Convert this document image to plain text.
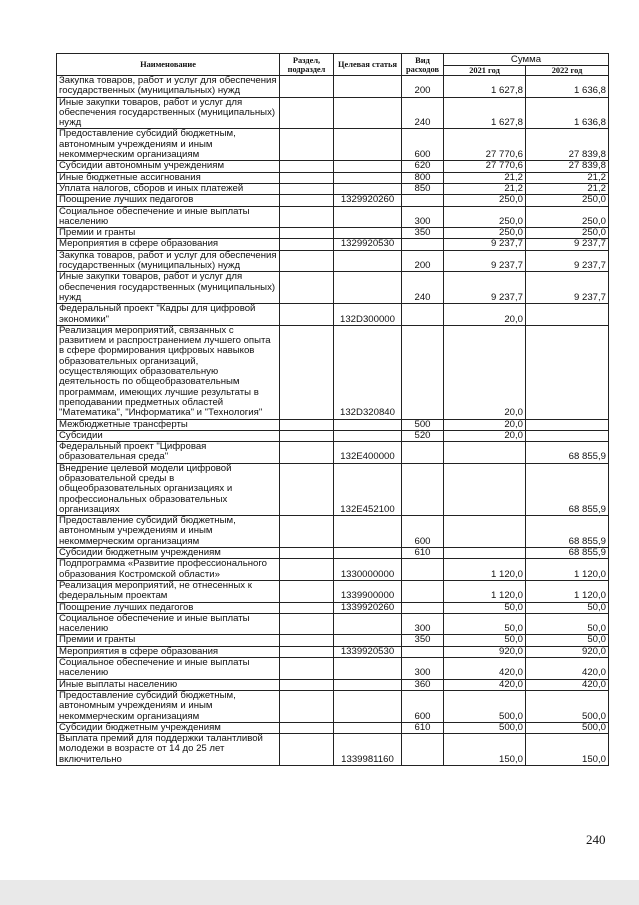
Наименование	Раздел, подраздел	Целевая статья	Вид расходов	Сумма	
				2021 год	2022 год
Закупка товаров, работ и услуг для обеспечения государственных (муниципальных) нужд			200	1 627,8	1 636,8
Иные закупки товаров, работ и услуг для обеспечения государственных (муниципальных) нужд			240	1 627,8	1 636,8
Предоставление субсидий бюджетным, автономным учреждениям и иным некоммерческим организациям			600	27 770,6	27 839,8
Субсидии автономным учреждениям			620	27 770,6	27 839,8
Иные бюджетные ассигнования			800	21,2	21,2
Уплата налогов, сборов и иных платежей			850	21,2	21,2
Поощрение лучших педагогов		1329920260		250,0	250,0
Социальное обеспечение и иные выплаты населению			300	250,0	250,0
Премии и гранты			350	250,0	250,0
Мероприятия в сфере образования		1329920530		9 237,7	9 237,7
Закупка товаров, работ и услуг для обеспечения государственных (муниципальных) нужд			200	9 237,7	9 237,7
Иные закупки товаров, работ и услуг для обеспечения государственных (муниципальных) нужд			240	9 237,7	9 237,7
Федеральный проект "Кадры для цифровой экономики"		132D300000		20,0	
Реализация мероприятий, связанных с развитием и распространением лучшего опыта в сфере формирования цифровых навыков образовательных организаций, осуществляющих образовательную деятельность по общеобразовательным программам, имеющих лучшие результаты в преподавании предметных областей "Математика", "Информатика" и "Технология"		132D320840		20,0	
Межбюджетные трансферты			500	20,0	
Субсидии			520	20,0	
Федеральный проект "Цифровая образовательная среда"		132E400000			68 855,9
Внедрение целевой модели цифровой образовательной среды в общеобразовательных организациях и профессиональных образовательных организациях		132E452100			68 855,9
Предоставление субсидий бюджетным, автономным учреждениям и иным некоммерческим организациям			600		68 855,9
Субсидии бюджетным учреждениям			610		68 855,9
Подпрограмма «Развитие профессионального образования Костромской области»		1330000000		1 120,0	1 120,0
Реализация мероприятий, не отнесенных к федеральным проектам		1339900000		1 120,0	1 120,0
Поощрение лучших педагогов		1339920260		50,0	50,0
Социальное обеспечение и иные выплаты населению			300	50,0	50,0
Премии и гранты			350	50,0	50,0
Мероприятия в сфере образования		1339920530		920,0	920,0
Социальное обеспечение и иные выплаты населению			300	420,0	420,0
Иные выплаты населению			360	420,0	420,0
Предоставление субсидий бюджетным, автономным учреждениям и иным некоммерческим организациям			600	500,0	500,0
Субсидии бюджетным учреждениям			610	500,0	500,0
Выплата премий для поддержки талантливой молодежи в возрасте от 14 до 25 лет включительно		1339981160		150,0	150,0
240
